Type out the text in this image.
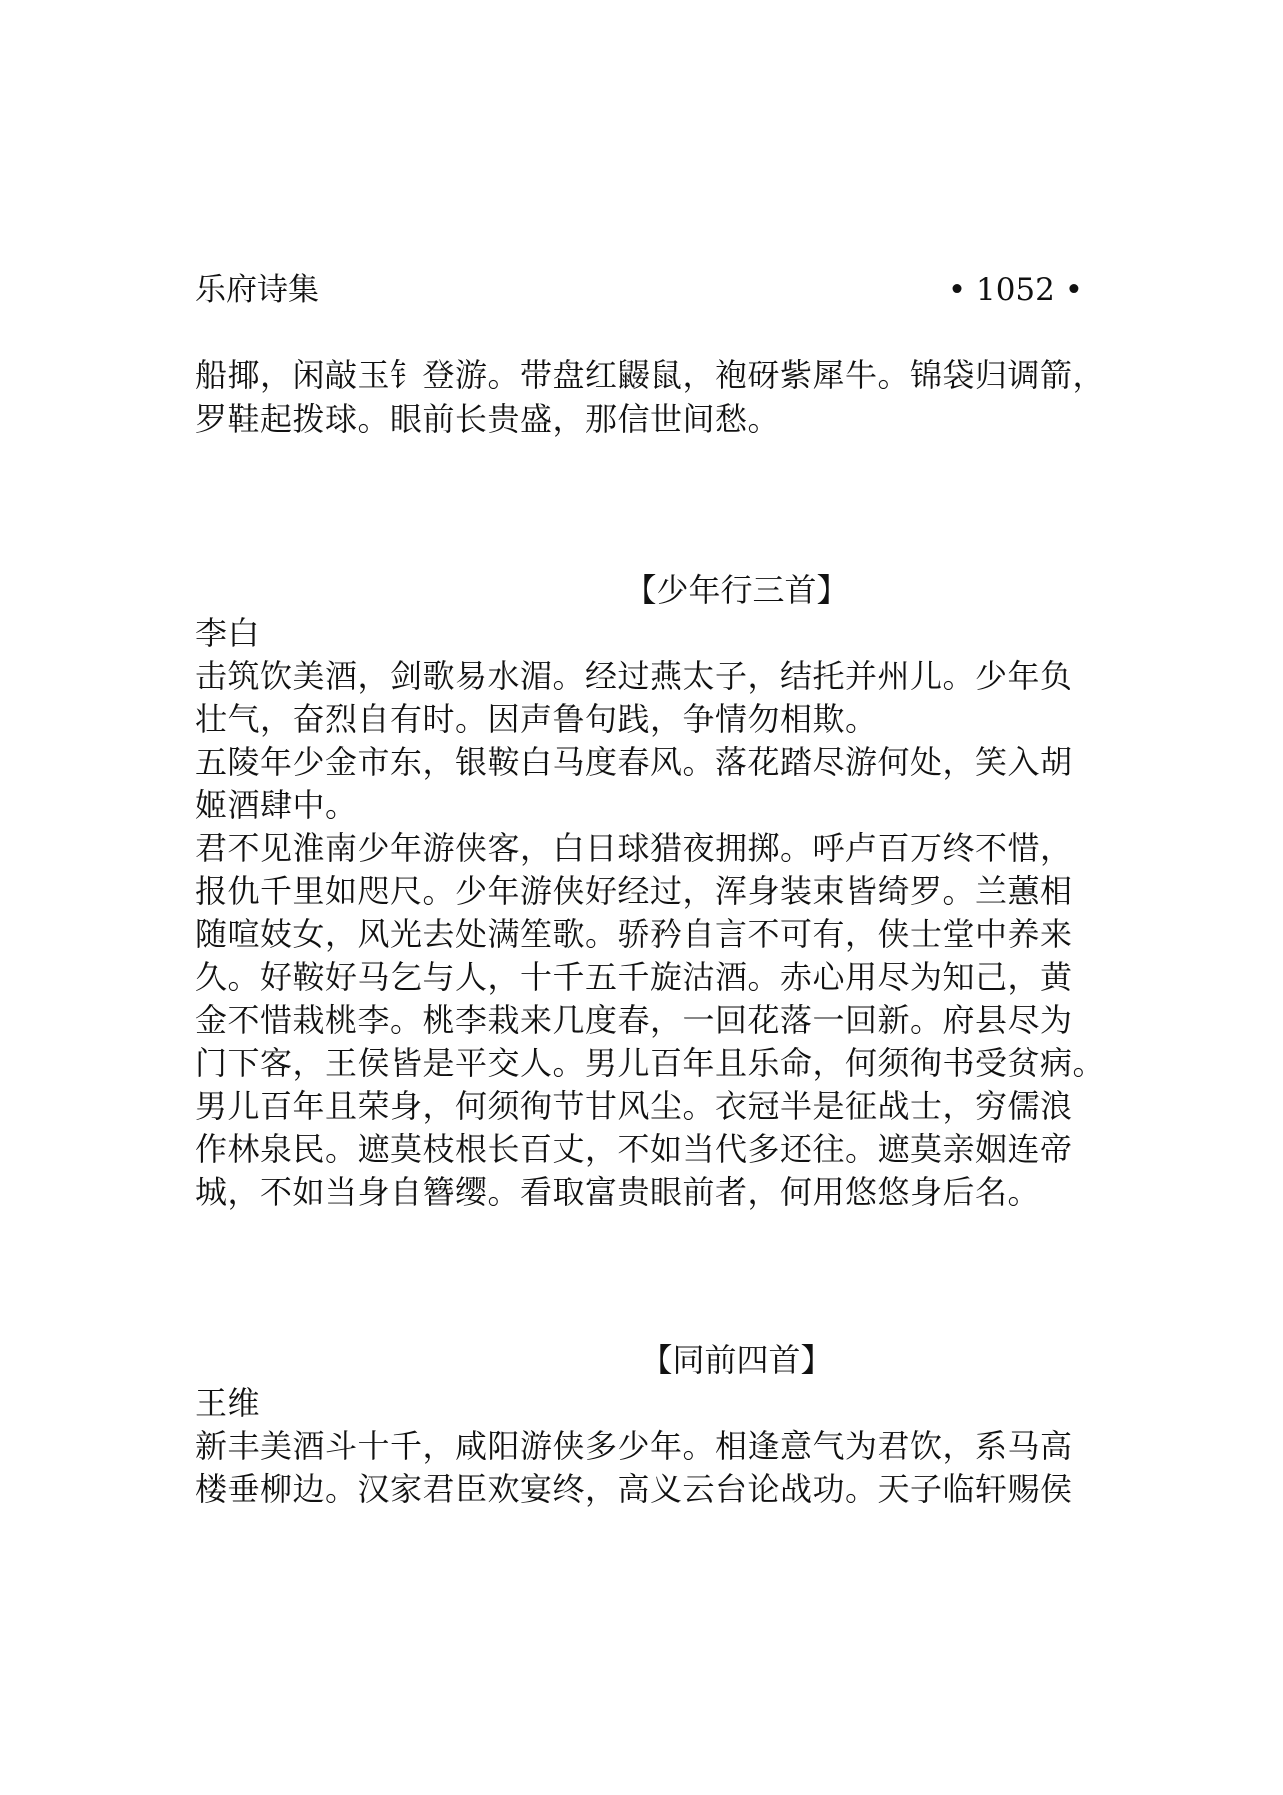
乐府诗集	• 1052 •
船揶，闲敲玉钅登游。带盘红鼹鼠，袍砑紫犀牛。锦袋归调箭，
罗鞋起拨球。眼前长贵盛，那信世间愁。
【少年行三首】
李白
击筑饮美酒，剑歌易水湄。经过燕太子，结托并州儿。少年负
壮气，奋烈自有时。因声鲁句践，争情勿相欺。
五陵年少金市东，银鞍白马度春风。落花踏尽游何处，笑入胡
姬酒肆中。
君不见淮南少年游侠客，白日球猎夜拥掷。呼卢百万终不惜，
报仇千里如咫尺。少年游侠好经过，浑身装束皆绮罗。兰蕙相
随喧妓女，风光去处满笙歌。骄矜自言不可有，侠士堂中养来
久。好鞍好马乞与人，十千五千旋沽酒。赤心用尽为知己，黄
金不惜栽桃李。桃李栽来几度春，一回花落一回新。府县尽为
门下客，王侯皆是平交人。男儿百年且乐命，何须徇书受贫病。
男儿百年且荣身，何须徇节甘风尘。衣冠半是征战士，穷儒浪
作林泉民。遮莫枝根长百丈，不如当代多还往。遮莫亲姻连帝
城，不如当身自簪缨。看取富贵眼前者，何用悠悠身后名。
【同前四首】
王维
新丰美酒斗十千，咸阳游侠多少年。相逢意气为君饮，系马高
楼垂柳边。汉家君臣欢宴终，高义云台论战功。天子临轩赐侯
